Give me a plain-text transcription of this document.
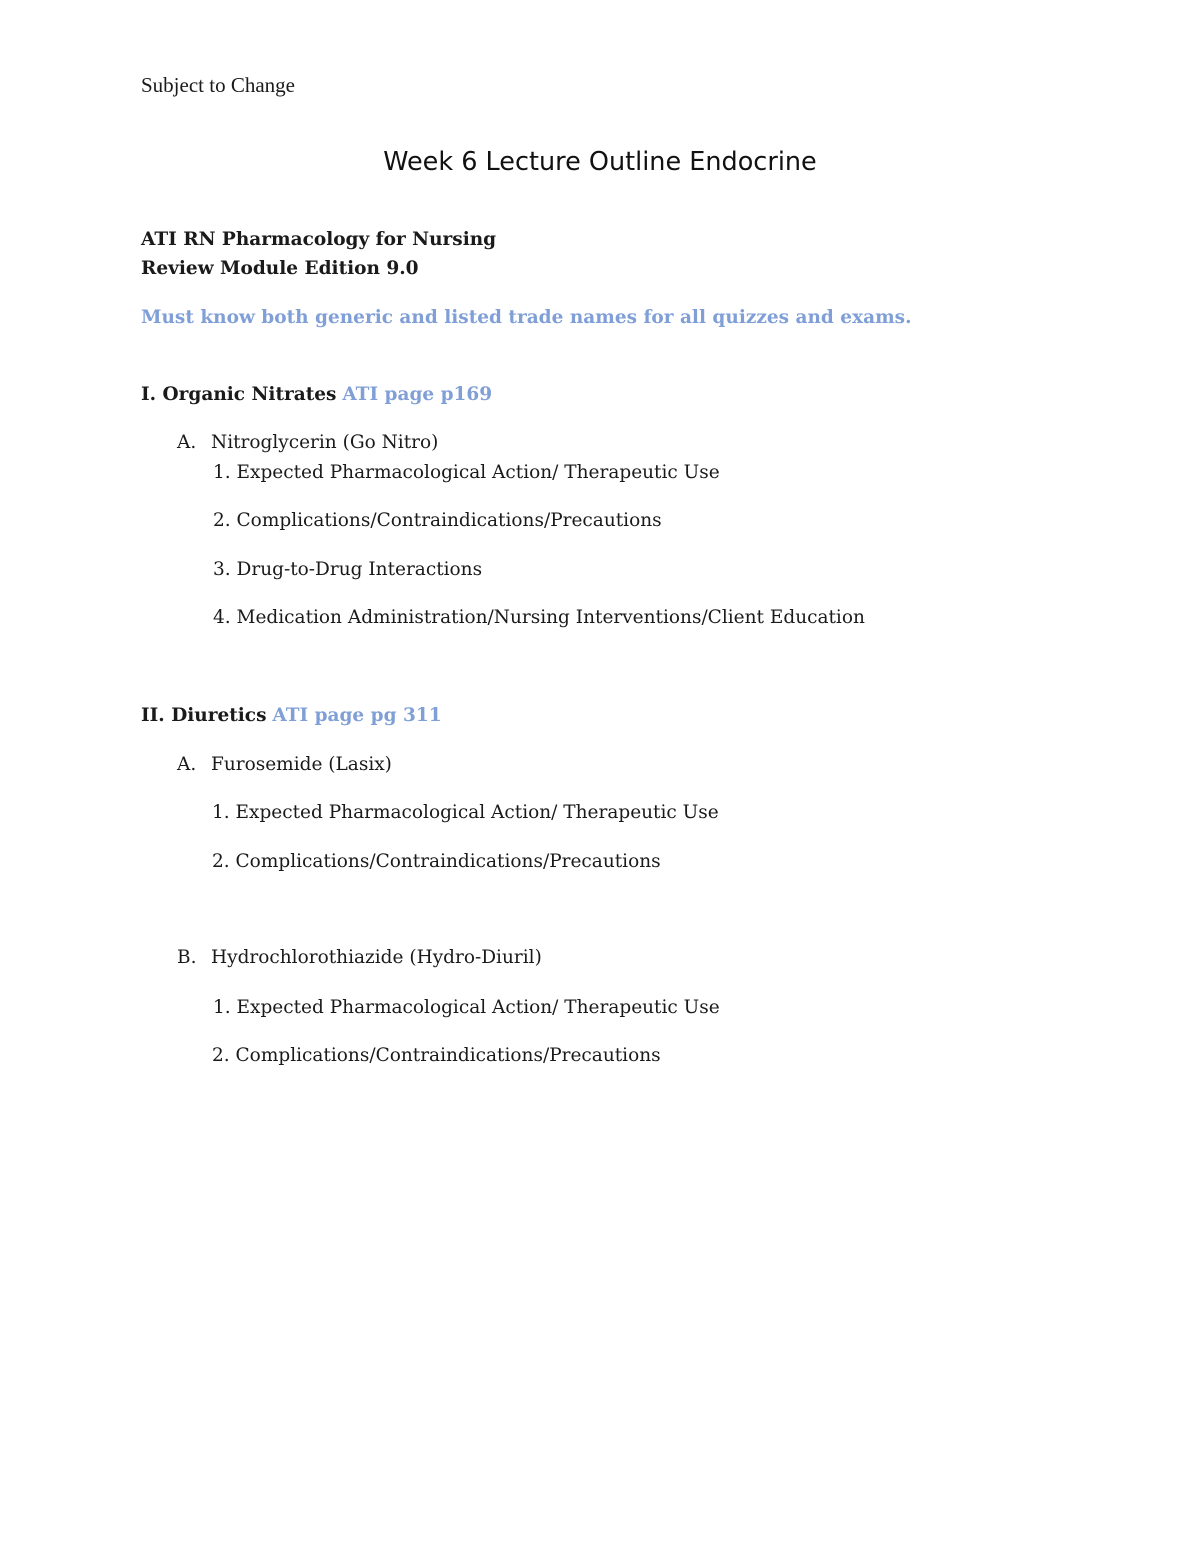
Subject to Change
Week 6 Lecture Outline Endocrine
ATI RN Pharmacology for Nursing
Review Module Edition 9.0
Must know both generic and listed trade names for all quizzes and exams.
I. Organic Nitrates ATI page p169
A. Nitroglycerin (Go Nitro)
1. Expected Pharmacological Action/ Therapeutic Use
2. Complications/Contraindications/Precautions
3. Drug-to-Drug Interactions
4. Medication Administration/Nursing Interventions/Client Education
II. Diuretics ATI page pg 311
A. Furosemide (Lasix)
1. Expected Pharmacological Action/ Therapeutic Use
2. Complications/Contraindications/Precautions
B. Hydrochlorothiazide (Hydro-Diuril)
1. Expected Pharmacological Action/ Therapeutic Use
2. Complications/Contraindications/Precautions
